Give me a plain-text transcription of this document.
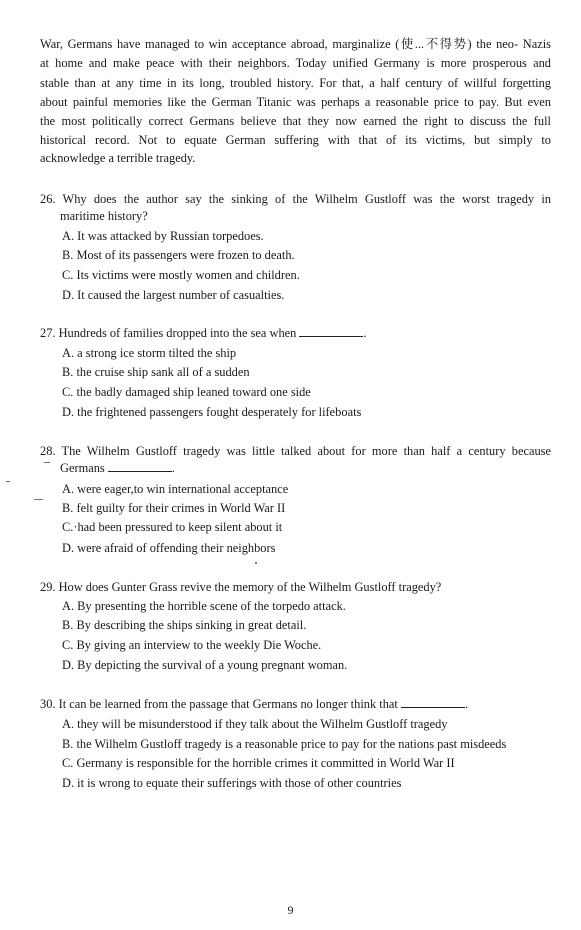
War, Germans have managed to win acceptance abroad, marginalize (使...不得势) the neo- Nazis
at home and make peace with their neighbors. Today unified Germany is more prosperous and
stable than at any time in its long, troubled history. For that, a half century of willful forgetting
about painful memories like the German Titanic was perhaps a reasonable price to pay. But even
the most politically correct Germans believe that they now earned the right to discuss the full
historical record. Not to equate German suffering with that of its victims, but simply to
acknowledge a terrible tragedy.
26. Why does the author say the sinking of the Wilhelm Gustloff was the worst tragedy in
maritime history?
A. It was attacked by Russian torpedoes.
B. Most of its passengers were frozen to death.
C. Its victims were mostly women and children.
D. It caused the largest number of casualties.
27. Hundreds of families dropped into the sea when	.
A. a strong ice storm tilted the ship
B. the cruise ship sank all of a sudden
C. the badly damaged ship leaned toward one side
D. the frightened passengers fought desperately for lifeboats
28. The Wilhelm Gustloff tragedy was little talked about for more than half a century because
Germans	.
A. were eager,to win international acceptance
B. felt guilty for their crimes in World War II
C.·had been pressured to keep silent about it
D. were afraid of offending their neighbors
29. How does Gunter Grass revive the memory of the Wilhelm Gustloff tragedy?
A. By presenting the horrible scene of the torpedo attack.
B. By describing the ships sinking in great detail.
C. By giving an interview to the weekly Die Woche.
D. By depicting the survival of a young pregnant woman.
30. It can be learned from the passage that Germans no longer think that	.
A. they will be misunderstood if they talk about the Wilhelm Gustloff tragedy
B. the Wilhelm Gustloff tragedy is a reasonable price to pay for the nations past misdeeds
C. Germany is responsible for the horrible crimes it committed in World War II
D. it is wrong to equate their sufferings with those of other countries
9
